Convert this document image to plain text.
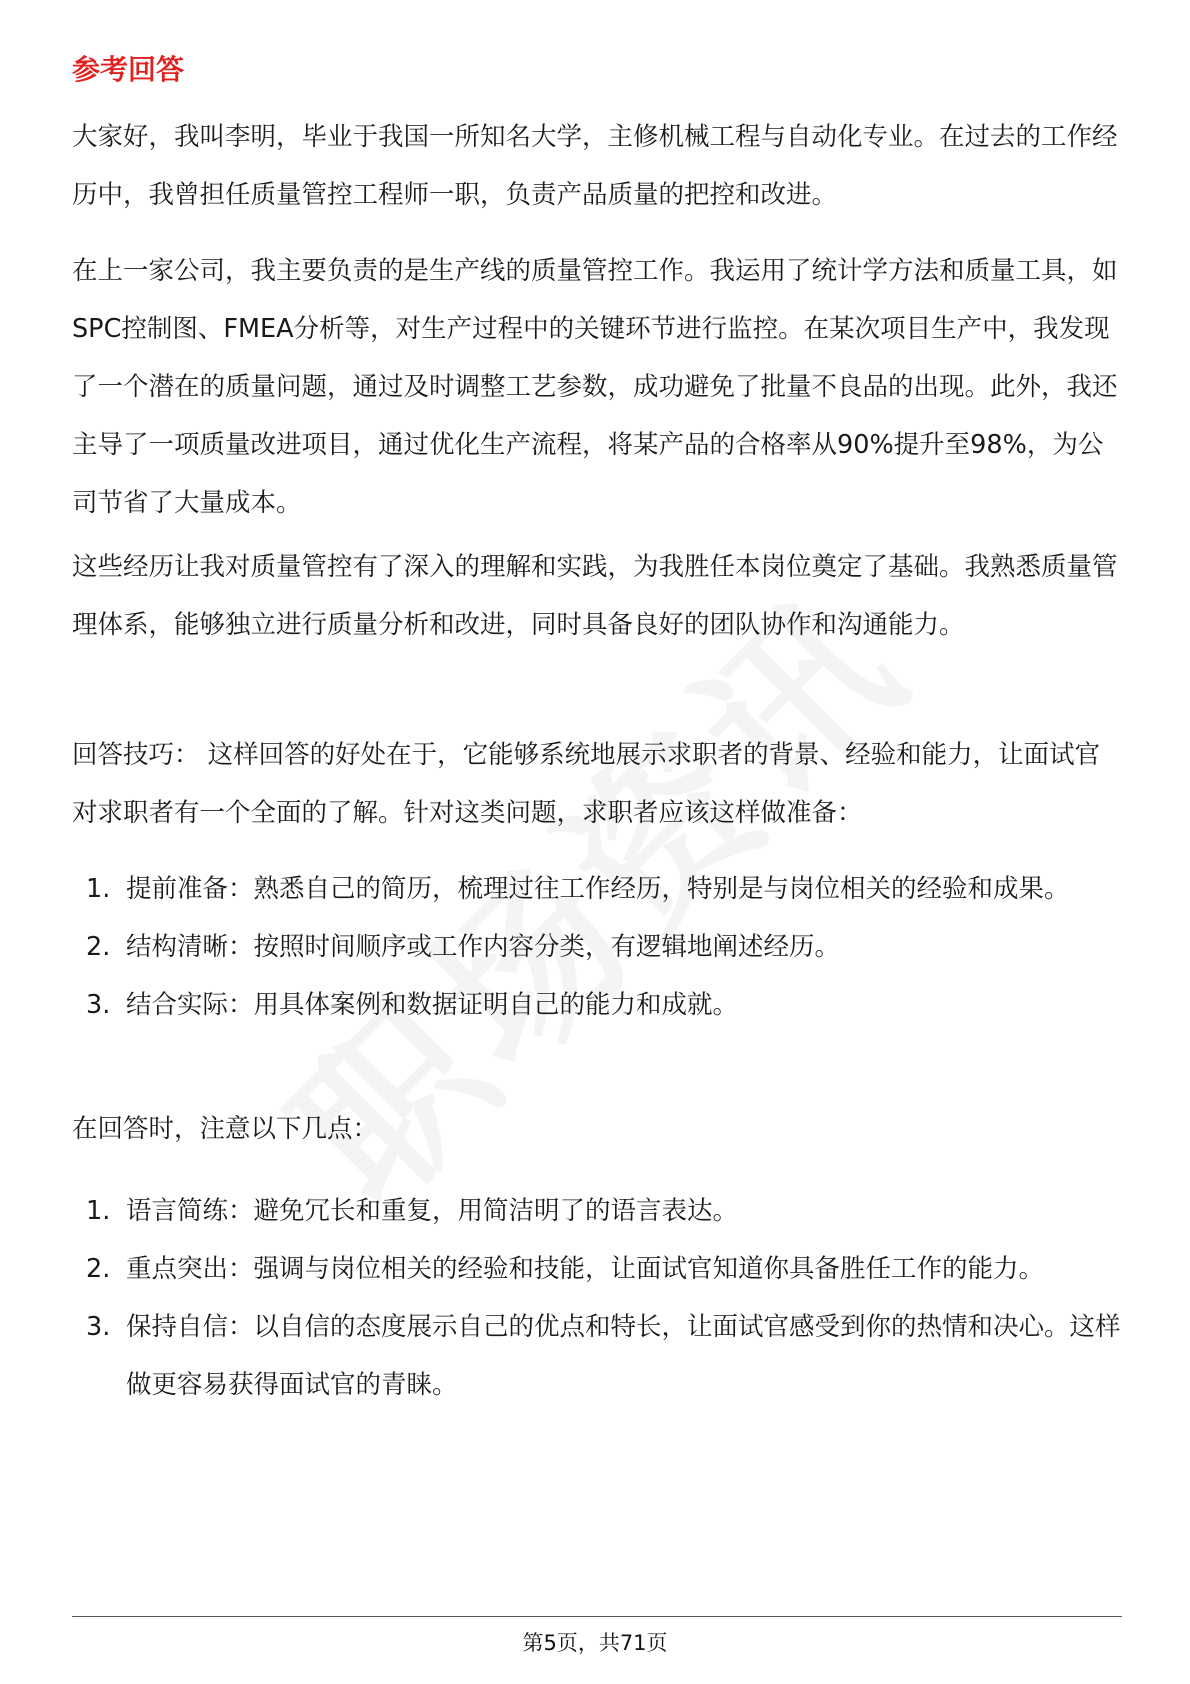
参考回答

大家好，我叫李明，毕业于我国一所知名大学，主修机械工程与自动化专业。在过去的工作经历中，我曾担任质量管控工程师一职，负责产品质量的把控和改进。

在上一家公司，我主要负责的是生产线的质量管控工作。我运用了统计学方法和质量工具，如SPC控制图、FMEA分析等，对生产过程中的关键环节进行监控。在某次项目生产中，我发现了一个潜在的质量问题，通过及时调整工艺参数，成功避免了批量不良品的出现。此外，我还主导了一项质量改进项目，通过优化生产流程，将某产品的合格率从90%提升至98%，为公司节省了大量成本。

这些经历让我对质量管控有了深入的理解和实践，为我胜任本岗位奠定了基础。我熟悉质量管理体系，能够独立进行质量分析和改进，同时具备良好的团队协作和沟通能力。

回答技巧： 这样回答的好处在于，它能够系统地展示求职者的背景、经验和能力，让面试官对求职者有一个全面的了解。针对这类问题，求职者应该这样做准备：

1. 提前准备：熟悉自己的简历，梳理过往工作经历，特别是与岗位相关的经验和成果。
2. 结构清晰：按照时间顺序或工作内容分类，有逻辑地阐述经历。
3. 结合实际：用具体案例和数据证明自己的能力和成就。

在回答时，注意以下几点：

1. 语言简练：避免冗长和重复，用简洁明了的语言表达。
2. 重点突出：强调与岗位相关的经验和技能，让面试官知道你具备胜任工作的能力。
3. 保持自信：以自信的态度展示自己的优点和特长，让面试官感受到你的热情和决心。这样做更容易获得面试官的青睐。
第5页，共71页
